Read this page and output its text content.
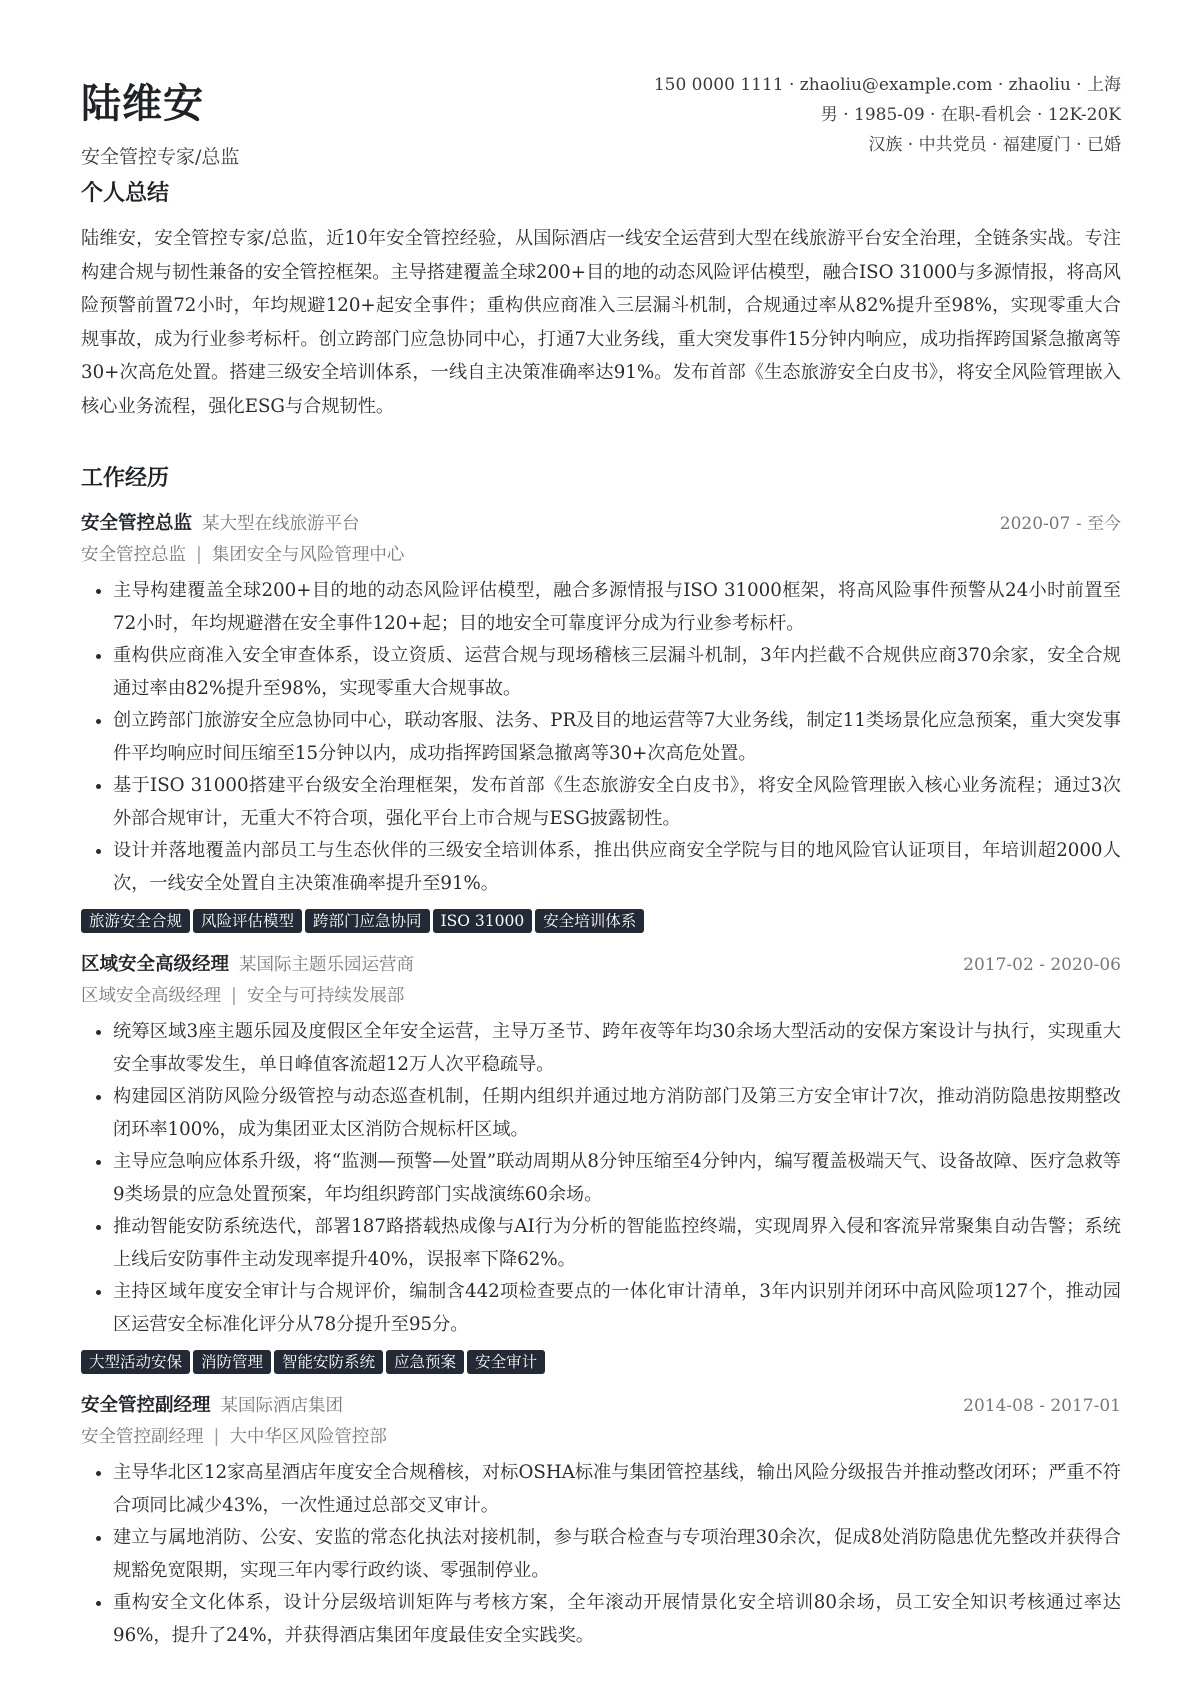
陆维安

安全管控专家/总监

150 0000 1111 · zhaoliu@example.com · zhaoliu · 上海
男 · 1985-09 · 在职-看机会 · 12K-20K
汉族 · 中共党员 · 福建厦门 · 已婚
个人总结

陆维安，安全管控专家/总监，近10年安全管控经验，从国际酒店一线安全运营到大型在线旅游平台安全治理，全链条实战。专注构建合规与韧性兼备的安全管控框架。主导搭建覆盖全球200+目的地的动态风险评估模型，融合ISO 31000与多源情报，将高风险预警前置72小时，年均规避120+起安全事件；重构供应商准入三层漏斗机制，合规通过率从82%提升至98%，实现零重大合规事故，成为行业参考标杆。创立跨部门应急协同中心，打通7大业务线，重大突发事件15分钟内响应，成功指挥跨国紧急撤离等30+次高危处置。搭建三级安全培训体系，一线自主决策准确率达91%。发布首部《生态旅游安全白皮书》，将安全风险管理嵌入核心业务流程，强化ESG与合规韧性。

工作经历
安全管控总监 某大型在线旅游平台	2020-07 - 至今
安全管控总监 | 集团安全与风险管理中心
• 主导构建覆盖全球200+目的地的动态风险评估模型，融合多源情报与ISO 31000框架，将高风险事件预警从24小时前置至72小时，年均规避潜在安全事件120+起；目的地安全可靠度评分成为行业参考标杆。
• 重构供应商准入安全审查体系，设立资质、运营合规与现场稽核三层漏斗机制，3年内拦截不合规供应商370余家，安全合规通过率由82%提升至98%，实现零重大合规事故。
• 创立跨部门旅游安全应急协同中心，联动客服、法务、PR及目的地运营等7大业务线，制定11类场景化应急预案，重大突发事件平均响应时间压缩至15分钟以内，成功指挥跨国紧急撤离等30+次高危处置。
• 基于ISO 31000搭建平台级安全治理框架，发布首部《生态旅游安全白皮书》，将安全风险管理嵌入核心业务流程；通过3次外部合规审计，无重大不符合项，强化平台上市合规与ESG披露韧性。
• 设计并落地覆盖内部员工与生态伙伴的三级安全培训体系，推出供应商安全学院与目的地风险官认证项目，年培训超2000人次，一线安全处置自主决策准确率提升至91%。
旅游安全合规 风险评估模型 跨部门应急协同 ISO 31000 安全培训体系
区域安全高级经理 某国际主题乐园运营商	2017-02 - 2020-06
区域安全高级经理 | 安全与可持续发展部
• 统筹区域3座主题乐园及度假区全年安全运营，主导万圣节、跨年夜等年均30余场大型活动的安保方案设计与执行，实现重大安全事故零发生，单日峰值客流超12万人次平稳疏导。
• 构建园区消防风险分级管控与动态巡查机制，任期内组织并通过地方消防部门及第三方安全审计7次，推动消防隐患按期整改闭环率100%，成为集团亚太区消防合规标杆区域。
• 主导应急响应体系升级，将“监测—预警—处置”联动周期从8分钟压缩至4分钟内，编写覆盖极端天气、设备故障、医疗急救等9类场景的应急处置预案，年均组织跨部门实战演练60余场。
• 推动智能安防系统迭代，部署187路搭载热成像与AI行为分析的智能监控终端，实现周界入侵和客流异常聚集自动告警；系统上线后安防事件主动发现率提升40%，误报率下降62%。
• 主持区域年度安全审计与合规评价，编制含442项检查要点的一体化审计清单，3年内识别并闭环中高风险项127个，推动园区运营安全标准化评分从78分提升至95分。
大型活动安保 消防管理 智能安防系统 应急预案 安全审计
安全管控副经理 某国际酒店集团	2014-08 - 2017-01
安全管控副经理 | 大中华区风险管控部
• 主导华北区12家高星酒店年度安全合规稽核，对标OSHA标准与集团管控基线，输出风险分级报告并推动整改闭环；严重不符合项同比减少43%，一次性通过总部交叉审计。
• 建立与属地消防、公安、安监的常态化执法对接机制，参与联合检查与专项治理30余次，促成8处消防隐患优先整改并获得合规豁免宽限期，实现三年内零行政约谈、零强制停业。
• 重构安全文化体系，设计分层级培训矩阵与考核方案，全年滚动开展情景化安全培训80余场，员工安全知识考核通过率达96%，提升了24%，并获得酒店集团年度最佳安全实践奖。
